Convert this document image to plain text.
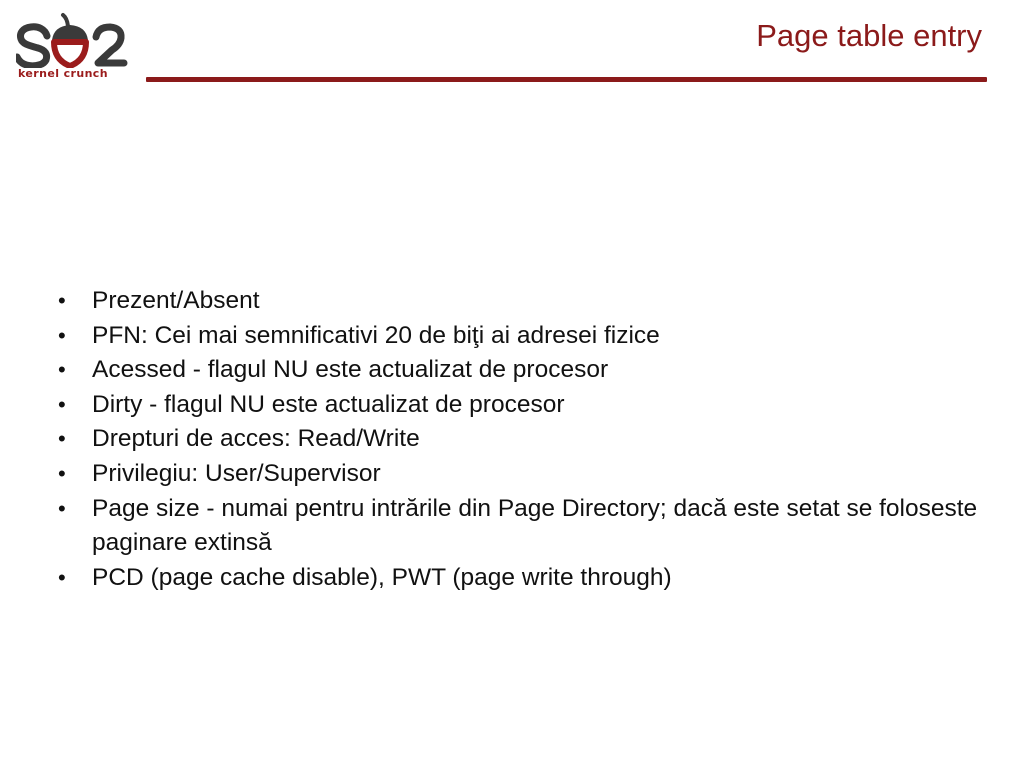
kernel crunch
Page table entry
• Prezent/Absent
• PFN: Cei mai semnificativi 20 de biţi ai adresei fizice
• Acessed - flagul NU este actualizat de procesor
• Dirty - flagul NU este actualizat de procesor
• Drepturi de acces: Read/Write
• Privilegiu: User/Supervisor
• Page size - numai pentru intrările din Page Directory; dacă este setat se foloseste paginare extinsă
• PCD (page cache disable), PWT (page write through)
